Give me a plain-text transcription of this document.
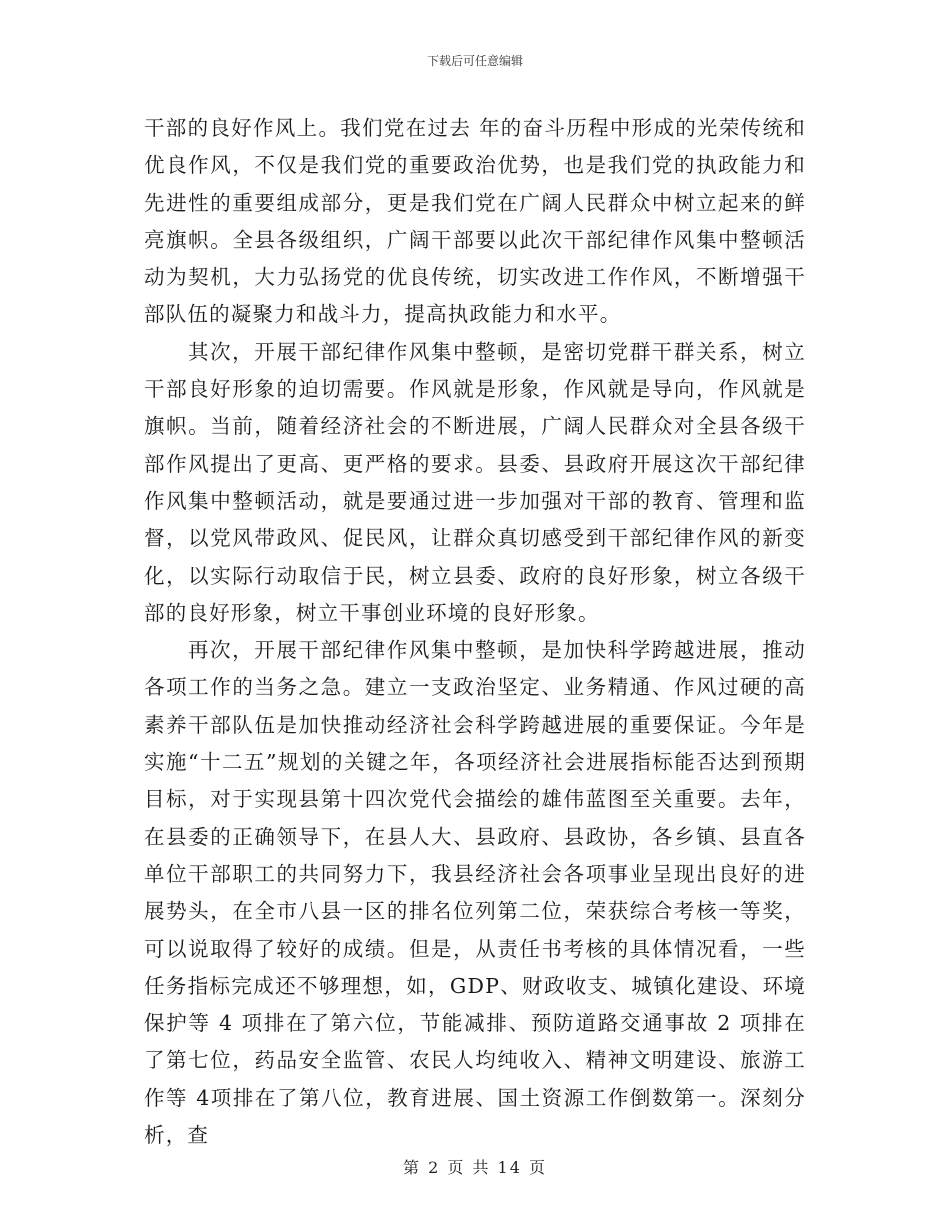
下载后可任意编辑

干部的良好作风上。我们党在过去 年的奋斗历程中形成的光荣传统和优良作风，不仅是我们党的重要政治优势，也是我们党的执政能力和先进性的重要组成部分，更是我们党在广阔人民群众中树立起来的鲜亮旗帜。全县各级组织，广阔干部要以此次干部纪律作风集中整顿活动为契机，大力弘扬党的优良传统，切实改进工作作风，不断增强干部队伍的凝聚力和战斗力，提高执政能力和水平。

其次，开展干部纪律作风集中整顿，是密切党群干群关系，树立干部良好形象的迫切需要。作风就是形象，作风就是导向，作风就是旗帜。当前，随着经济社会的不断进展，广阔人民群众对全县各级干部作风提出了更高、更严格的要求。县委、县政府开展这次干部纪律作风集中整顿活动，就是要通过进一步加强对干部的教育、管理和监督，以党风带政风、促民风，让群众真切感受到干部纪律作风的新变化，以实际行动取信于民，树立县委、政府的良好形象，树立各级干部的良好形象，树立干事创业环境的良好形象。

再次，开展干部纪律作风集中整顿，是加快科学跨越进展，推动各项工作的当务之急。建立一支政治坚定、业务精通、作风过硬的高素养干部队伍是加快推动经济社会科学跨越进展的重要保证。今年是实施“十二五”规划的关键之年，各项经济社会进展指标能否达到预期目标，对于实现县第十四次党代会描绘的雄伟蓝图至关重要。去年，在县委的正确领导下，在县人大、县政府、县政协，各乡镇、县直各单位干部职工的共同努力下，我县经济社会各项事业呈现出良好的进展势头，在全市八县一区的排名位列第二位，荣获综合考核一等奖，可以说取得了较好的成绩。但是，从责任书考核的具体情况看，一些任务指标完成还不够理想，如，GDP、财政收支、城镇化建设、环境保护等 4 项排在了第六位，节能减排、预防道路交通事故 2 项排在了第七位，药品安全监管、农民人均纯收入、精神文明建设、旅游工作等 4项排在了第八位，教育进展、国土资源工作倒数第一。深刻分析，查

第 2 页 共 14 页
